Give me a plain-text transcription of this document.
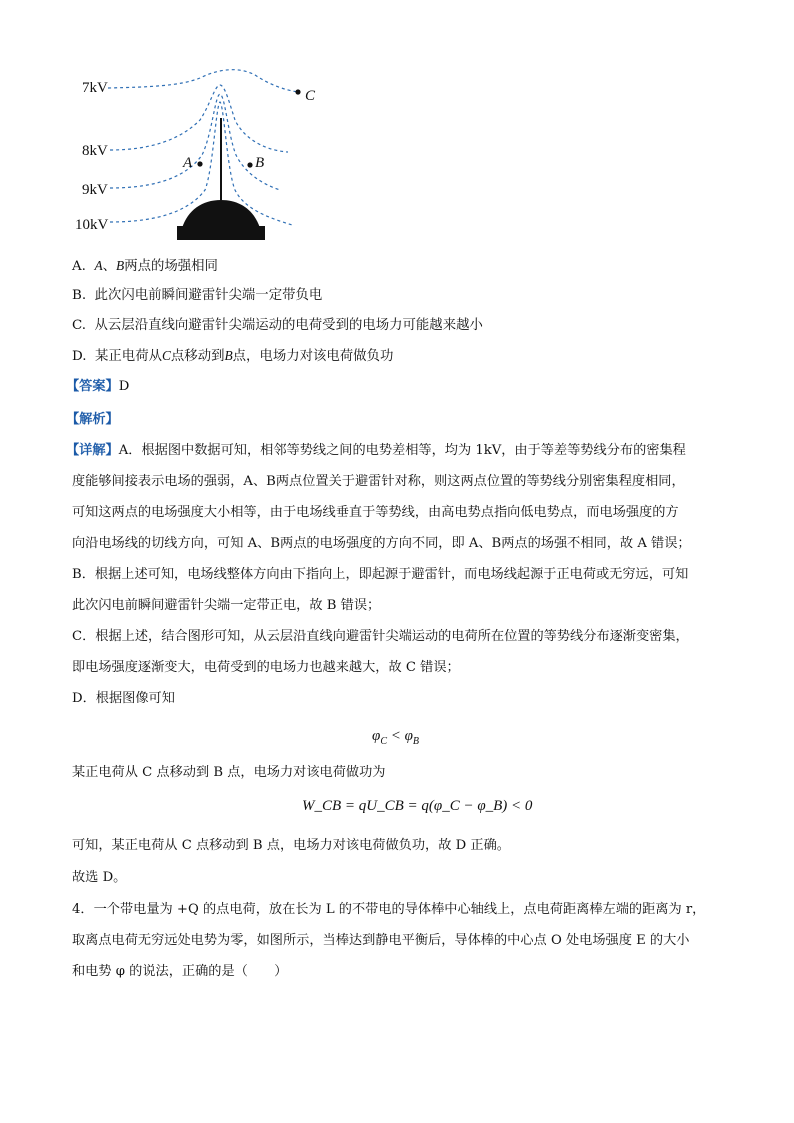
7kV
8kV
9kV
10kV
A	B
C
A. A、B两点的场强相同
B. 此次闪电前瞬间避雷针尖端一定带负电
C. 从云层沿直线向避雷针尖端运动的电荷受到的电场力可能越来越小
D. 某正电荷从C点移动到B点，电场力对该电荷做负功
【答案】D
【解析】
【详解】A．根据图中数据可知，相邻等势线之间的电势差相等，均为 1kV，由于等差等势线分布的密集程
度能够间接表示电场的强弱，A、B两点位置关于避雷针对称，则这两点位置的等势线分别密集程度相同，
可知这两点的电场强度大小相等，由于电场线垂直于等势线，由高电势点指向低电势点，而电场强度的方
向沿电场线的切线方向，可知 A、B两点的电场强度的方向不同，即 A、B两点的场强不相同，故 A 错误；
B．根据上述可知，电场线整体方向由下指向上，即起源于避雷针，而电场线起源于正电荷或无穷远，可知
此次闪电前瞬间避雷针尖端一定带正电，故 B 错误；
C．根据上述，结合图形可知，从云层沿直线向避雷针尖端运动的电荷所在位置的等势线分布逐渐变密集，
即电场强度逐渐变大，电荷受到的电场力也越来越大，故 C 错误；
D．根据图像可知
$\varphi_C < \varphi_B$
某正电荷从 C 点移动到 B 点，电场力对该电荷做功为
W_CB = qU_CB = q(φ_C − φ_B) < 0
可知，某正电荷从 C 点移动到 B 点，电场力对该电荷做负功，故 D 正确。
故选 D。
4．一个带电量为 +Q 的点电荷，放在长为 L 的不带电的导体棒中心轴线上，点电荷距离棒左端的距离为 r，
取离点电荷无穷远处电势为零，如图所示，当棒达到静电平衡后，导体棒的中心点 O 处电场强度 E 的大小
和电势 φ 的说法，正确的是（　　）
